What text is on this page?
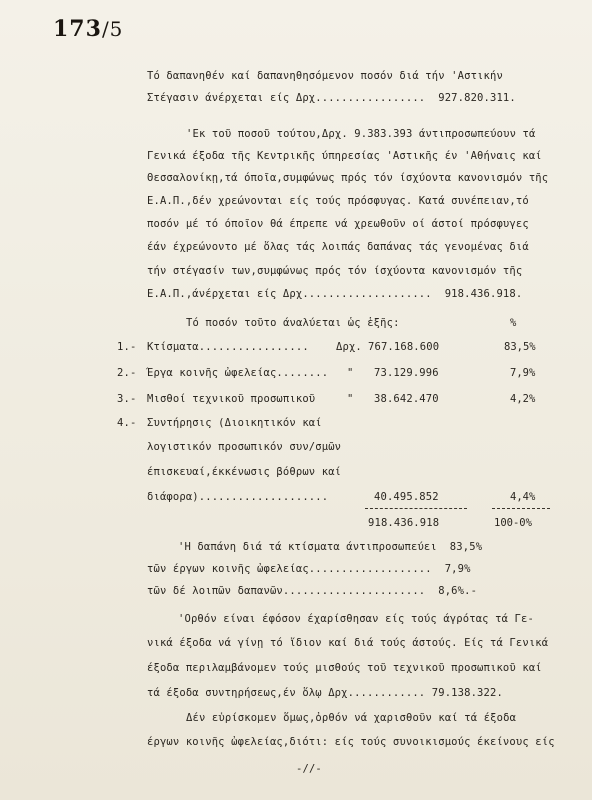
173/5
Τό δαπανηθέν καί δαπανηθησόμενον ποσόν διά τήν 'Αστικήν
Στέγασιν άνέρχεται είς Δρχ.................  927.820.311.
'Εκ τοῦ ποσοῦ τούτου,Δρχ. 9.383.393 άντιπροσωπεύουν τά
Γενικά έξοδα τῆς Κεντρικῆς ύπηρεσίας 'Αστικῆς έν 'Αθήναις καί
Θεσσαλονίκῃ,τά όποῖα,συμφώνως πρός τόν ίσχύοντα κανονισμόν τῆς
Ε.Α.Π.,δέν χρεώνονται είς τούς πρόσφυγας. Κατά συνέπειαν,τό
ποσόν μέ τό όποῖον θά έπρεπε νά χρεωθοῦν οί άστοί πρόσφυγες
έάν έχρεώνοντο μέ ὅλας τάς λοιπάς δαπάνας τάς γενομένας διά
τήν στέγασίν των,συμφώνως πρός τόν ίσχύοντα κανονισμόν τῆς
Ε.Α.Π.,άνέρχεται είς Δρχ....................  918.436.918.
Τό ποσόν τοῦτο άναλύεται ὡς ἑξῆς:	%
1.- Κτίσματα.................	Δρχ. 767.168.600	83,5%
2.- Έργα κοινῆς ὠφελείας........ " 73.129.996	7,9%
3.- Μισθοί τεχνικοῦ προσωπικοῦ	" 38.642.470	4,2%
4.- Συντήρησις (Διοικητικόν καί
λογιστικόν προσωπικόν συν/σμῶν
έπισκευαί,έκκένωσις βόθρων καί
διάφορα)....................	40.495.852	4,4%
918.436.918	100-0%
'Η δαπάνη διά τά κτίσματα άντιπροσωπεύει  83,5%
τῶν έργων κοινῆς ὠφελείας...................  7,9%
τῶν δέ λοιπῶν δαπανῶν......................  8,6%.-
'Ορθόν είναι έφόσον έχαρίσθησαν είς τούς άγρότας τά Γε-
νικά έξοδα νά γίνῃ τό ἴδιον καί διά τούς άστούς. Είς τά Γενικά
έξοδα περιλαμβάνομεν τούς μισθούς τοῦ τεχνικοῦ προσωπικοῦ καί
τά έξοδα συντηρήσεως,έν ὅλῳ Δρχ............ 79.138.322.
Δέν εὑρίσκομεν ὅμως,ὀρθόν νά χαρισθοῦν καί τά έξοδα
έργων κοινῆς ὠφελείας,διότι: είς τούς συνοικισμούς έκείνους είς
-//-
